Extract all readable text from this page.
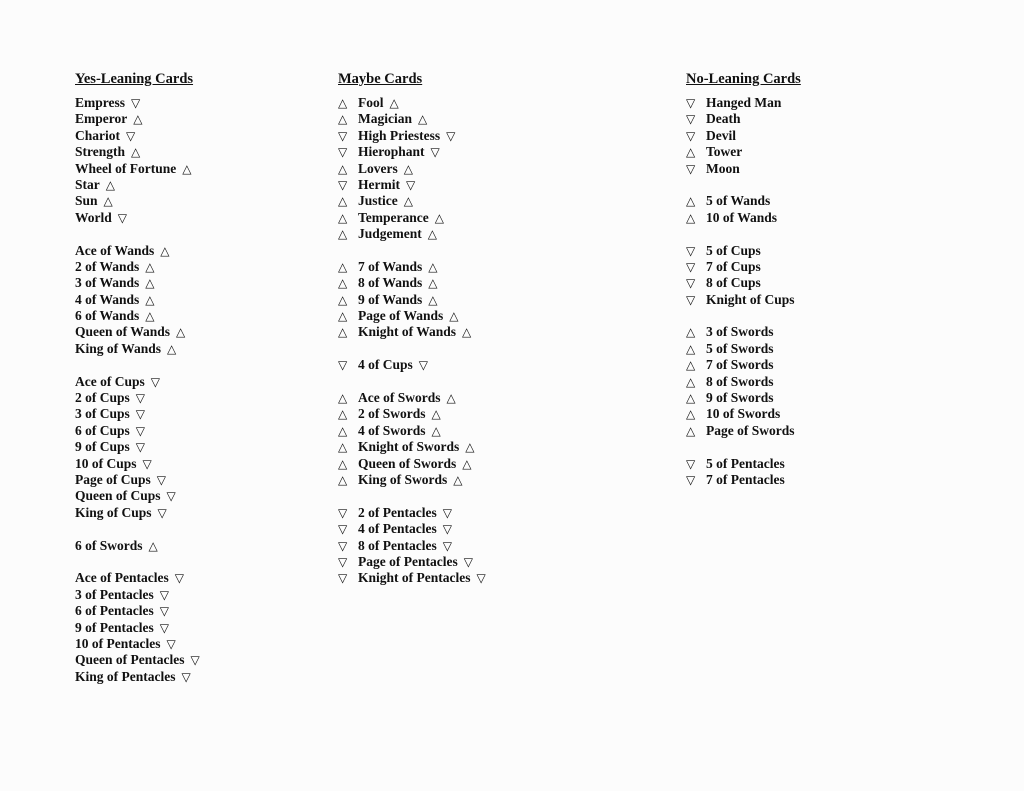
Yes-Leaning Cards
Empress ▽
Emperor △
Chariot ▽
Strength △
Wheel of Fortune △
Star △
Sun △
World ▽
Ace of Wands △
2 of Wands △
3 of Wands △
4 of Wands △
6 of Wands △
Queen of Wands △
King of Wands △
Ace of Cups ▽
2 of Cups ▽
3 of Cups ▽
6 of Cups ▽
9 of Cups ▽
10 of Cups ▽
Page of Cups ▽
Queen of Cups ▽
King of Cups ▽
6 of Swords △
Ace of Pentacles ▽
3 of Pentacles ▽
6 of Pentacles ▽
9 of Pentacles ▽
10 of Pentacles ▽
Queen of Pentacles ▽
King of Pentacles ▽
Maybe Cards
△ Fool △
△ Magician △
▽ High Priestess ▽
▽ Hierophant ▽
△ Lovers △
▽ Hermit ▽
△ Justice △
△ Temperance △
△ Judgement △
△ 7 of Wands △
△ 8 of Wands △
△ 9 of Wands △
△ Page of Wands △
△ Knight of Wands △
▽ 4 of Cups ▽
△ Ace of Swords △
△ 2 of Swords △
△ 4 of Swords △
△ Knight of Swords △
△ Queen of Swords △
△ King of Swords △
▽ 2 of Pentacles ▽
▽ 4 of Pentacles ▽
▽ 8 of Pentacles ▽
▽ Page of Pentacles ▽
▽ Knight of Pentacles ▽
No-Leaning Cards
▽ Hanged Man
▽ Death
▽ Devil
△ Tower
▽ Moon
△ 5 of Wands
△ 10 of Wands
▽ 5 of Cups
▽ 7 of Cups
▽ 8 of Cups
▽ Knight of Cups
△ 3 of Swords
△ 5 of Swords
△ 7 of Swords
△ 8 of Swords
△ 9 of Swords
△ 10 of Swords
△ Page of Swords
▽ 5 of Pentacles
▽ 7 of Pentacles
